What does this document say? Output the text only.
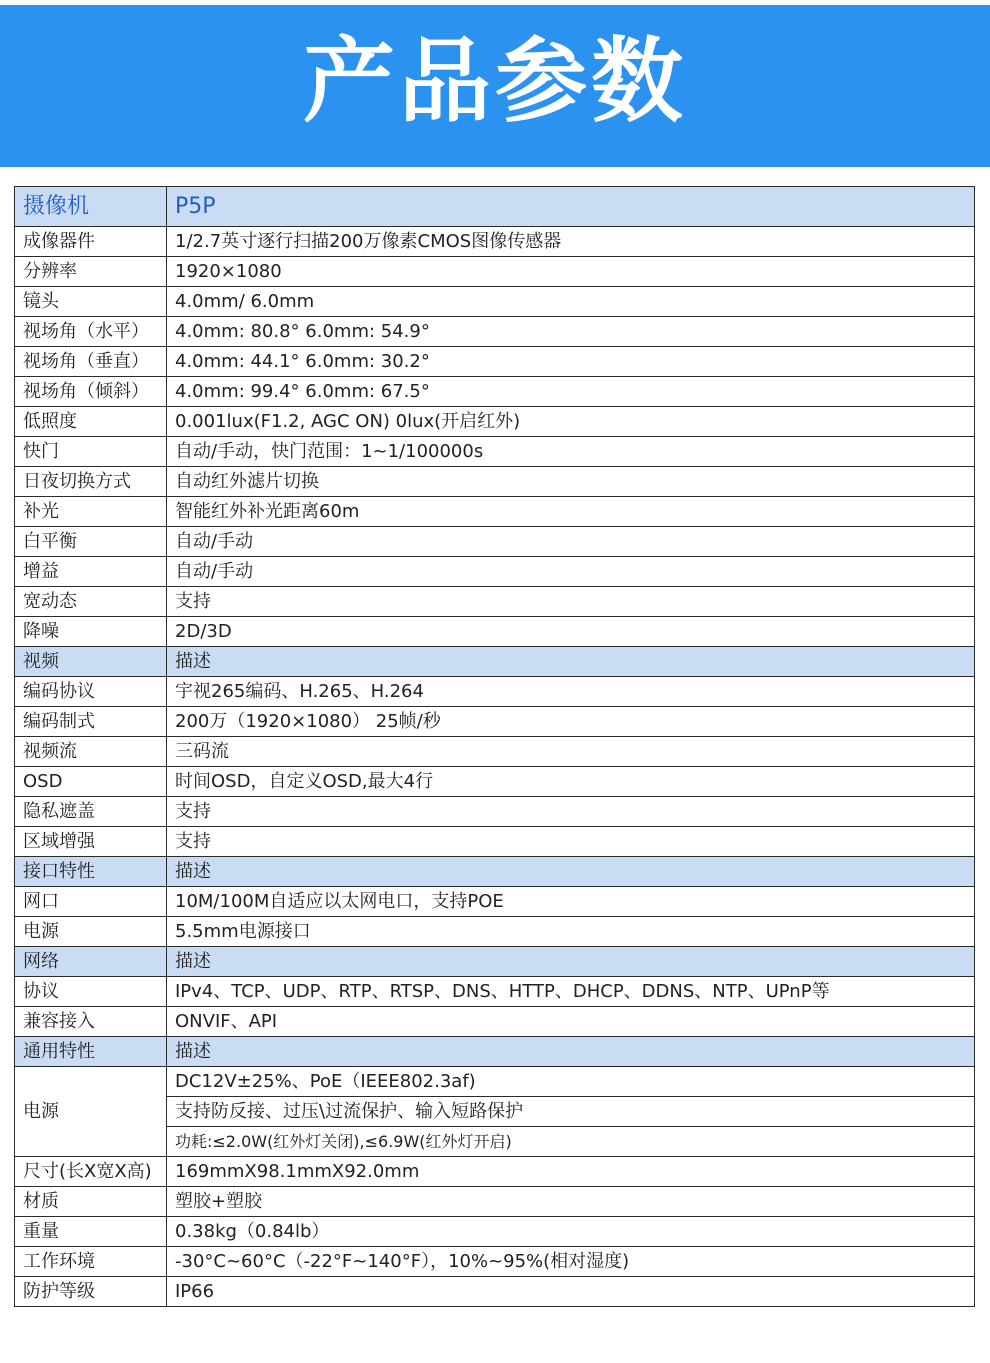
产品参数
摄像机	P5P
成像器件	1/2.7英寸逐行扫描200万像素CMOS图像传感器
分辨率	1920×1080
镜头	4.0mm/ 6.0mm
视场角（水平）	4.0mm: 80.8° 6.0mm: 54.9°
视场角（垂直）	4.0mm: 44.1° 6.0mm: 30.2°
视场角（倾斜）	4.0mm: 99.4° 6.0mm: 67.5°
低照度	0.001lux(F1.2, AGC ON) 0lux(开启红外)
快门	自动/手动，快门范围：1~1/100000s
日夜切换方式	自动红外滤片切换
补光	智能红外补光距离60m
白平衡	自动/手动
增益	自动/手动
宽动态	支持
降噪	2D/3D
视频	描述
编码协议	宇视265编码、H.265、H.264
编码制式	200万（1920×1080） 25帧/秒
视频流	三码流
OSD	时间OSD，自定义OSD,最大4行
隐私遮盖	支持
区域增强	支持
接口特性	描述
网口	10M/100M自适应以太网电口，支持POE
电源	5.5mm电源接口
网络	描述
协议	IPv4、TCP、UDP、RTP、RTSP、DNS、HTTP、DHCP、DDNS、NTP、UPnP等
兼容接入	ONVIF、API
通用特性	描述
电源	DC12V±25%、PoE（IEEE802.3af)
支持防反接、过压\过流保护、输入短路保护
功耗:≤2.0W(红外灯关闭),≤6.9W(红外灯开启)

尺寸(长X宽X高)	169mmX98.1mmX92.0mm
材质	塑胶+塑胶
重量	0.38kg（0.84lb）
工作环境	-30°C~60°C（-22°F~140°F），10%~95%(相对湿度)
防护等级	IP66
